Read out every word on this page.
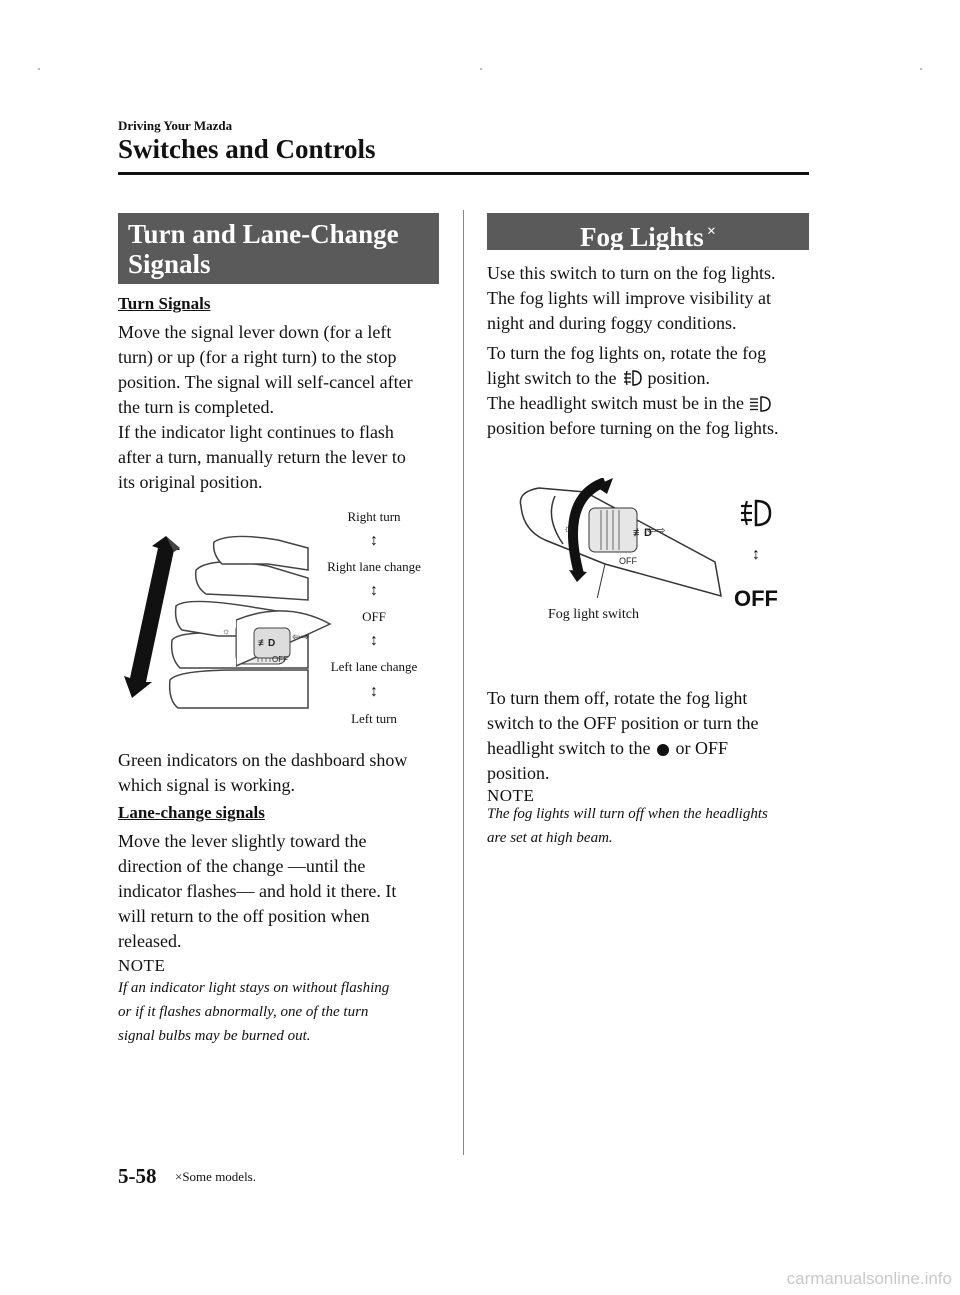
Driving Your Mazda
Switches and Controls
Turn and Lane-Change
Signals
Turn Signals
Move the signal lever down (for a left
turn) or up (for a right turn) to the stop
position. The signal will self-cancel after
the turn is completed.
If the indicator light continues to flash
after a turn, manually return the lever to
its original position.
☼
≢D
OFF
⇦⇨
Right turn
↕
Right lane change
↕
OFF
↕
Left lane change
↕
Left turn
Green indicators on the dashboard show
which signal is working.
Lane-change signals
Move the lever slightly toward the
direction of the change ―until the
indicator flashes― and hold it there. It
will return to the off position when
released.
NOTE
If an indicator light stays on without flashing
or if it flashes abnormally, one of the turn
signal bulbs may be burned out.
Fog Lights ×
Use this switch to turn on the fog lights.
The fog lights will improve visibility at
night and during foggy conditions.
To turn the fog lights on, rotate the fog
light switch to the position.
The headlight switch must be in the
position before turning on the fog lights.
☼	≢D
⇦⇨
OFF	↕
OFF
Fog light switch
To turn them off, rotate the fog light
switch to the OFF position or turn the
headlight switch to the or OFF
position.
NOTE
The fog lights will turn off when the headlights
are set at high beam.
5-58 ×Some models.
carmanualsonline.info
